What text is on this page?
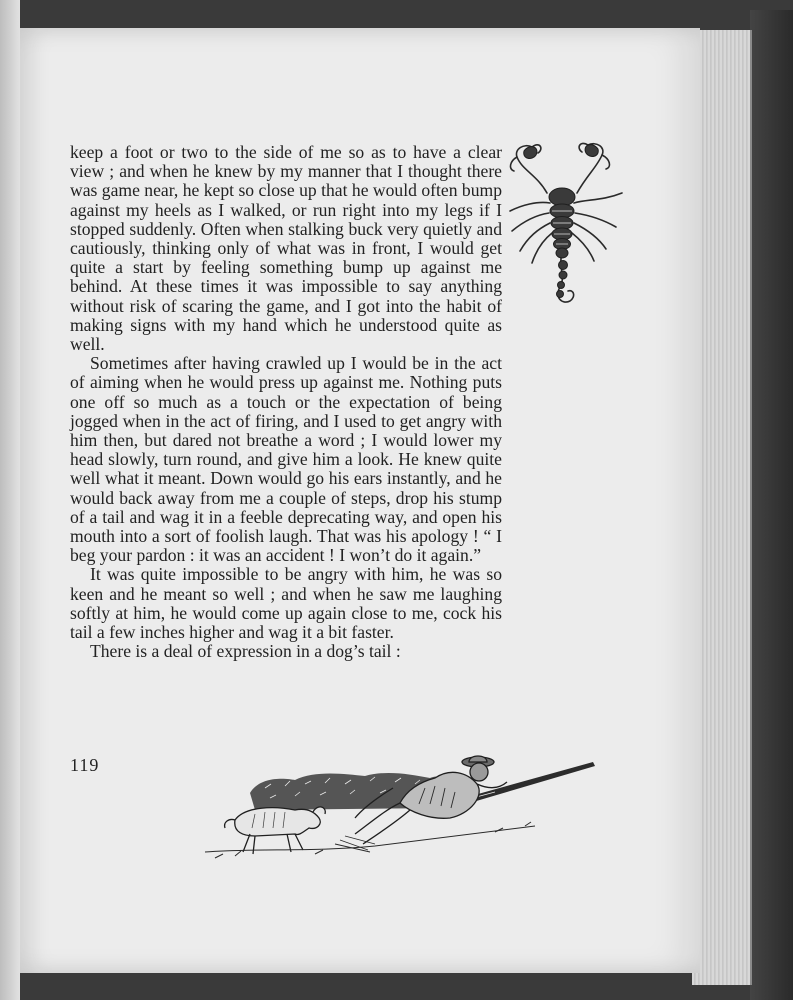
keep a foot or two to the side of me so as to have a clear view ; and when he knew by my manner that I thought there was game near, he kept so close up that he would often bump against my heels as I walked, or run right into my legs if I stopped suddenly. Often when stalking buck very quietly and cautiously, thinking only of what was in front, I would get quite a start by feeling something bump up against me behind. At these times it was impossible to say anything without risk of scaring the game, and I got into the habit of making signs with my hand which he understood quite as well.

Sometimes after having crawled up I would be in the act of aiming when he would press up against me. Nothing puts one off so much as a touch or the expectation of being jogged when in the act of firing, and I used to get angry with him then, but dared not breathe a word ; I would lower my head slowly, turn round, and give him a look. He knew quite well what it meant. Down would go his ears instantly, and he would back away from me a couple of steps, drop his stump of a tail and wag it in a feeble deprecating way, and open his mouth into a sort of foolish laugh. That was his apology ! “ I beg your pardon : it was an accident ! I won’t do it again.”

It was quite impossible to be angry with him, he was so keen and he meant so well ; and when he saw me laughing softly at him, he would come up again close to me, cock his tail a few inches higher and wag it a bit faster.

There is a deal of expression in a dog’s tail :

119
